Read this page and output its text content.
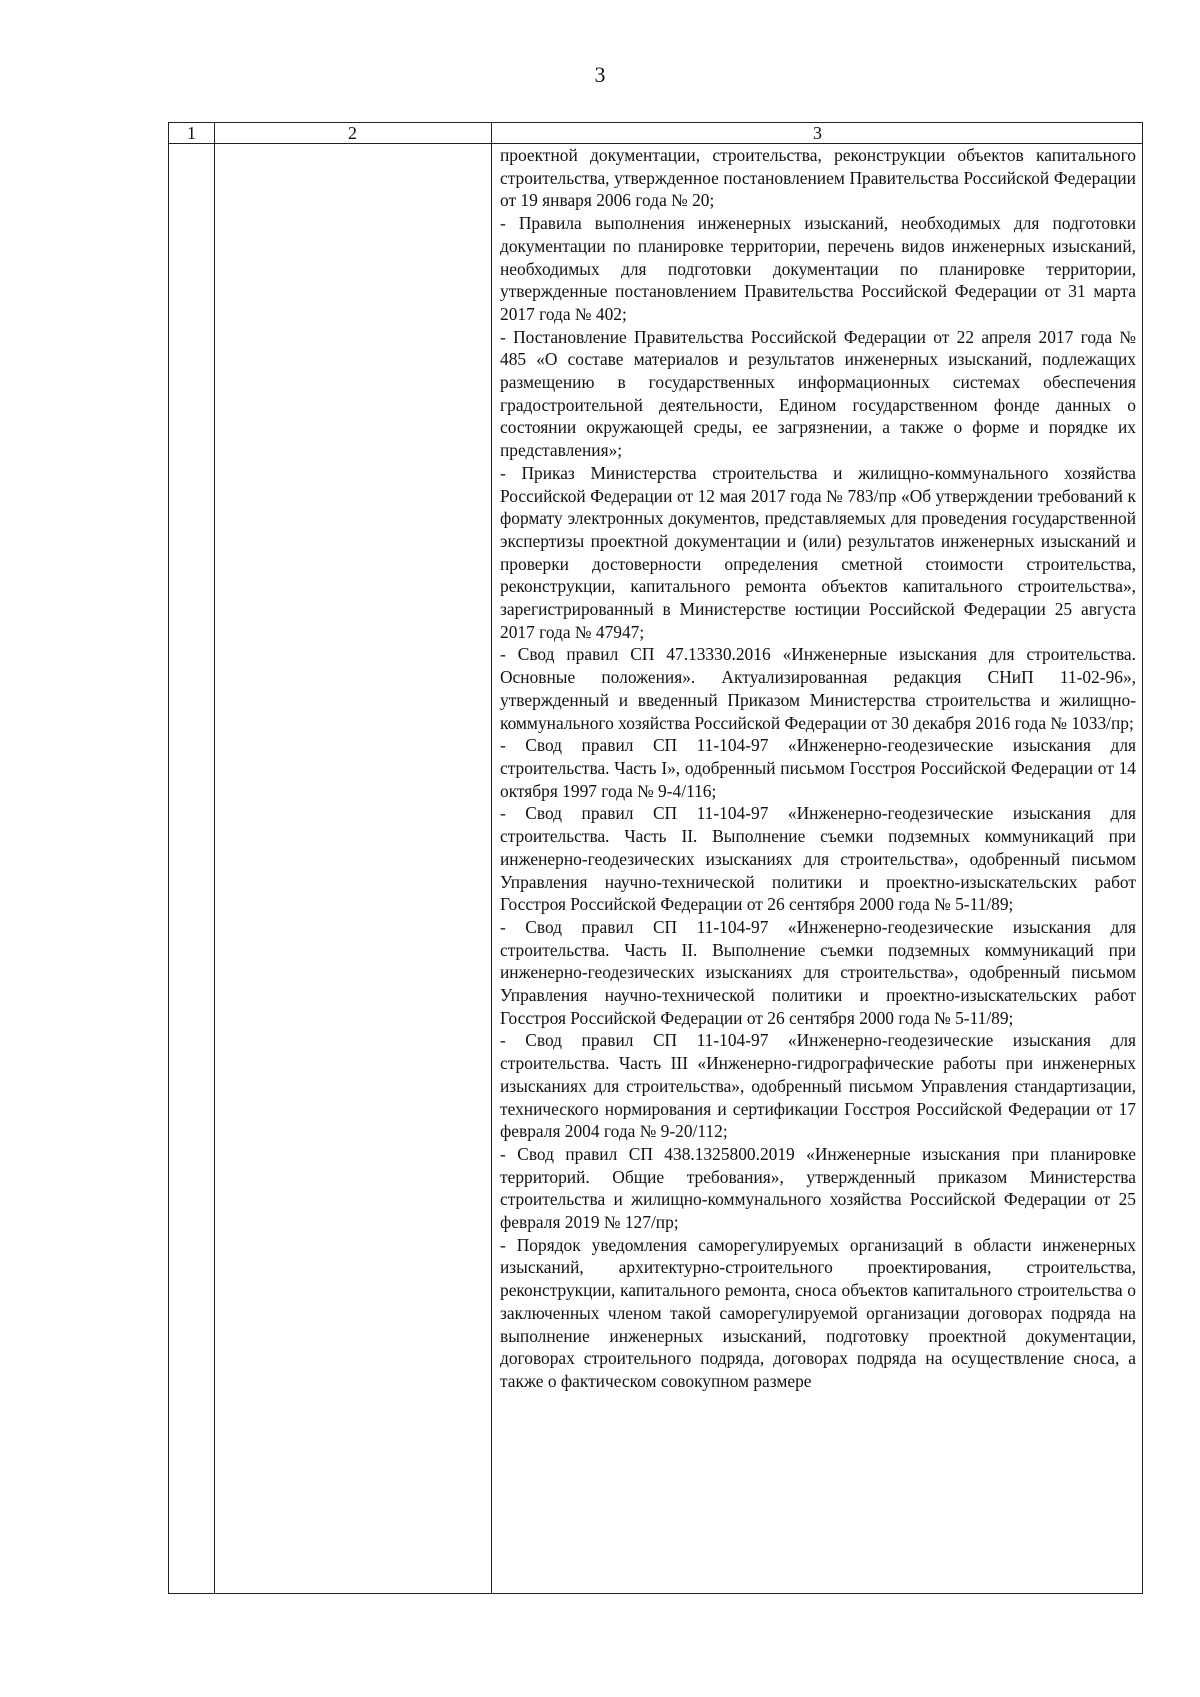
3
1	2	3

проектной документации, строительства, реконструкции объектов капитального строительства, утвержденное постановлением Правительства Российской Федерации от 19 января 2006 года № 20;

- Правила выполнения инженерных изысканий, необходимых для подготовки документации по планировке территории, перечень видов инженерных изысканий, необходимых для подготовки документации по планировке территории, утвержденные постановлением Правительства Российской Федерации от 31 марта 2017 года № 402;

- Постановление Правительства Российской Федерации от 22 апреля 2017 года № 485 «О составе материалов и результатов инженерных изысканий, подлежащих размещению в государственных информационных системах обеспечения градостроительной деятельности, Едином государственном фонде данных о состоянии окружающей среды, ее загрязнении, а также о форме и порядке их представления»;

- Приказ Министерства строительства и жилищно-коммунального хозяйства Российской Федерации от 12 мая 2017 года № 783/пр «Об утверждении требований к формату электронных документов, представляемых для проведения государственной экспертизы проектной документации и (или) результатов инженерных изысканий и проверки достоверности определения сметной стоимости строительства, реконструкции, капитального ремонта объектов капитального строительства», зарегистрированный в Министерстве юстиции Российской Федерации 25 августа 2017 года № 47947;

- Свод правил СП 47.13330.2016 «Инженерные изыскания для строительства. Основные положения». Актуализированная редакция СНиП 11-02-96», утвержденный и введенный Приказом Министерства строительства и жилищно-коммунального хозяйства Российской Федерации от 30 декабря 2016 года № 1033/пр;

- Свод правил СП 11-104-97 «Инженерно-геодезические изыскания для строительства. Часть I», одобренный письмом Госстроя Российской Федерации от 14 октября 1997 года № 9-4/116;

- Свод правил СП 11-104-97 «Инженерно-геодезические изыскания для строительства. Часть II. Выполнение съемки подземных коммуникаций при инженерно-геодезических изысканиях для строительства», одобренный письмом Управления научно-технической политики и проектно-изыскательских работ Госстроя Российской Федерации от 26 сентября 2000 года № 5-11/89;

- Свод правил СП 11-104-97 «Инженерно-геодезические изыскания для строительства. Часть II. Выполнение съемки подземных коммуникаций при инженерно-геодезических изысканиях для строительства», одобренный письмом Управления научно-технической политики и проектно-изыскательских работ Госстроя Российской Федерации от 26 сентября 2000 года № 5-11/89;

- Свод правил СП 11-104-97 «Инженерно-геодезические изыскания для строительства. Часть III «Инженерно-гидрографические работы при инженерных изысканиях для строительства», одобренный письмом Управления стандартизации, технического нормирования и сертификации Госстроя Российской Федерации от 17 февраля 2004 года № 9-20/112;

- Свод правил СП 438.1325800.2019 «Инженерные изыскания при планировке территорий. Общие требования», утвержденный приказом Министерства строительства и жилищно-коммунального хозяйства Российской Федерации от 25 февраля 2019 № 127/пр;

- Порядок уведомления саморегулируемых организаций в области инженерных изысканий, архитектурно-строительного проектирования, строительства, реконструкции, капитального ремонта, сноса объектов капитального строительства о заключенных членом такой саморегулируемой организации договорах подряда на выполнение инженерных изысканий, подготовку проектной документации, договорах строительного подряда, договорах подряда на осуществление сноса, а также о фактическом совокупном размере
